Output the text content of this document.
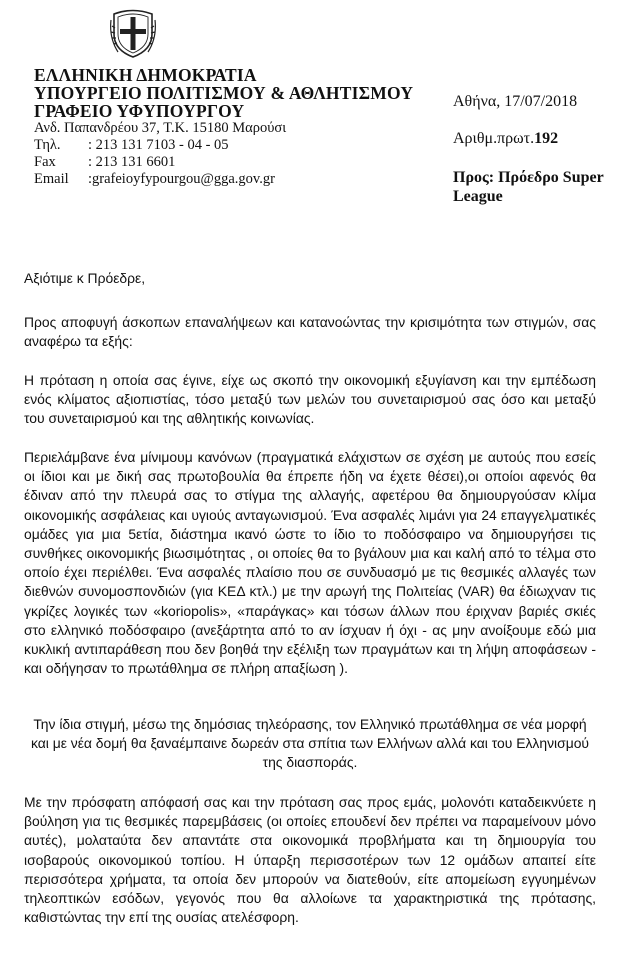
ΕΛΛΗΝΙΚΗ ΔΗΜΟΚΡΑΤΙΑ
ΥΠΟΥΡΓΕΙΟ ΠΟΛΙΤΙΣΜΟΥ & ΑΘΛΗΤΙΣΜΟΥ
ΓΡΑΦΕΙΟ ΥΦΥΠΟΥΡΓΟΥ
Ανδ. Παπανδρέου 37, Τ.Κ. 15180 Μαρούσι
Τηλ.	: 213 131 7103 - 04 - 05
Fax	: 213 131 6601
Email	:grafeioyfypourgou@gga.gov.gr
Αθήνα, 17/07/2018
Αριθμ.πρωτ.192
Προς: Πρόεδρο Super
League

Αξιότιμε κ Πρόεδρε,

Προς αποφυγή άσκοπων επαναλήψεων και κατανοώντας την κρισιμότητα των στιγμών, σας αναφέρω τα εξής:

Η πρόταση η οποία σας έγινε, είχε ως σκοπό την οικονομική εξυγίανση και την εμπέδωση ενός κλίματος αξιοπιστίας, τόσο μεταξύ των μελών του συνεταιρισμού σας όσο και μεταξύ του συνεταιρισμού και της αθλητικής κοινωνίας.

Περιελάμβανε ένα μίνιμουμ κανόνων (πραγματικά ελάχιστων σε σχέση με αυτούς που εσείς οι ίδιοι και με δική σας πρωτοβουλία θα έπρεπε ήδη να έχετε θέσει),οι οποίοι αφενός θα έδιναν από την πλευρά σας το στίγμα της αλλαγής, αφετέρου θα δημιουργούσαν κλίμα οικονομικής ασφάλειας και υγιούς ανταγωνισμού. Ένα ασφαλές λιμάνι για 24 επαγγελματικές ομάδες για μια 5ετία, διάστημα ικανό ώστε το ίδιο το ποδόσφαιρο να δημιουργήσει τις συνθήκες οικονομικής βιωσιμότητας , οι οποίες θα το βγάλουν μια και καλή από το τέλμα στο οποίο έχει περιέλθει. Ένα ασφαλές πλαίσιο που σε συνδυασμό με τις θεσμικές αλλαγές των διεθνών συνομοσπονδιών (για ΚΕΔ κτλ.) με την αρωγή της Πολιτείας (VAR) θα έδιωχναν τις γκρίζες λογικές των «koriopolis», «παράγκας» και τόσων άλλων που έριχναν βαριές σκιές στο ελληνικό ποδόσφαιρο (ανεξάρτητα από το αν ίσχυαν ή όχι - ας μην ανοίξουμε εδώ μια κυκλική αντιπαράθεση που δεν βοηθά την εξέλιξη των πραγμάτων και τη λήψη αποφάσεων - και οδήγησαν το πρωτάθλημα σε πλήρη απαξίωση ).

Την ίδια στιγμή, μέσω της δημόσιας τηλεόρασης, τον Ελληνικό πρωτάθλημα σε νέα μορφή και με νέα δομή θα ξαναέμπαινε δωρεάν στα σπίτια των Ελλήνων αλλά και του Ελληνισμού της διασποράς.

Με την πρόσφατη απόφασή σας και την πρόταση σας προς εμάς, μολονότι καταδεικνύετε η βούληση για τις θεσμικές παρεμβάσεις (οι οποίες επουδενί δεν πρέπει να παραμείνουν μόνο αυτές), μολαταύτα δεν απαντάτε στα οικονομικά προβλήματα και τη δημιουργία του ισοβαρούς οικονομικού τοπίου. Η ύπαρξη περισσοτέρων των 12 ομάδων απαιτεί είτε περισσότερα χρήματα, τα οποία δεν μπορούν να διατεθούν, είτε απομείωση εγγυημένων τηλεοπτικών εσόδων, γεγονός που θα αλλοίωνε τα χαρακτηριστικά της πρότασης, καθιστώντας την επί της ουσίας ατελέσφορη.
